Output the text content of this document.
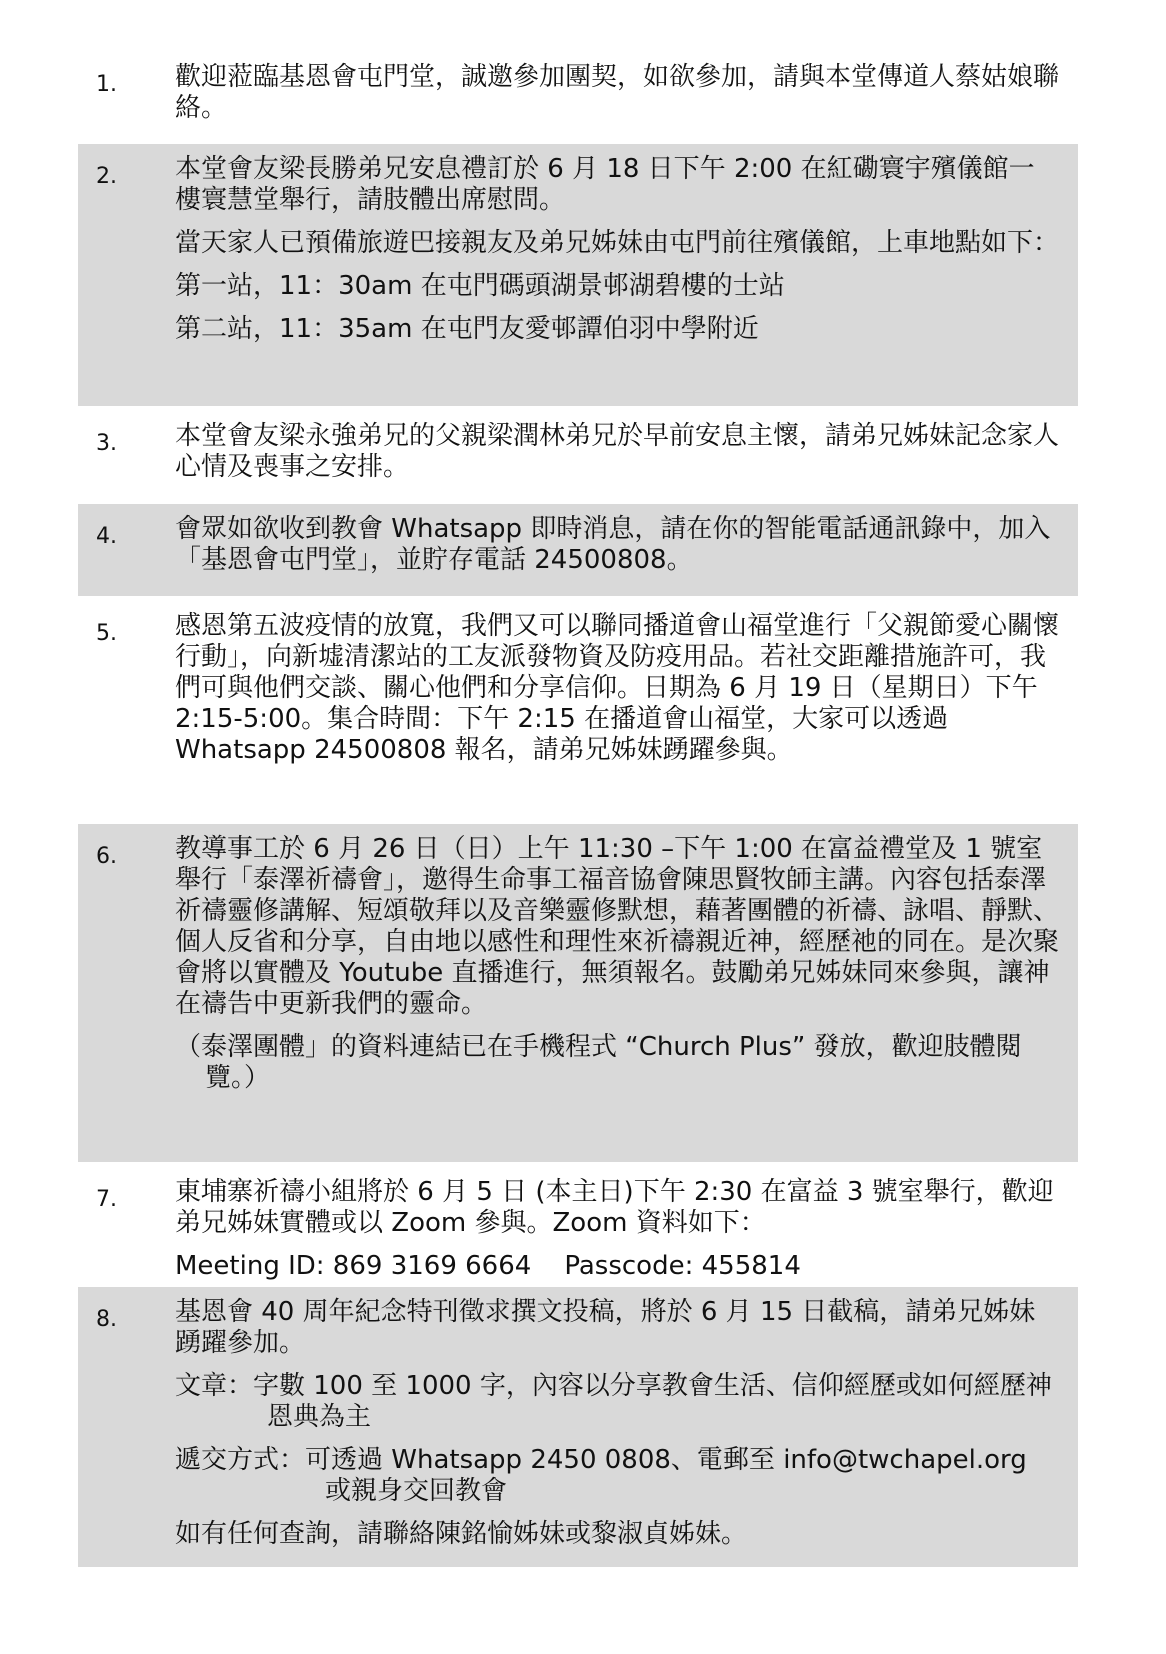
1. 歡迎蒞臨基恩會屯門堂，誠邀參加團契，如欲參加，請與本堂傳道人蔡姑娘聯絡。

2. 本堂會友梁長勝弟兄安息禮訂於 6 月 18 日下午 2:00 在紅磡寰宇殯儀館一樓寰慧堂舉行，請肢體出席慰問。

當天家人已預備旅遊巴接親友及弟兄姊妹由屯門前往殯儀館，上車地點如下：

第一站，11：30am 在屯門碼頭湖景邨湖碧樓的士站

第二站，11：35am 在屯門友愛邨譚伯羽中學附近

3. 本堂會友梁永強弟兄的父親梁潤林弟兄於早前安息主懷，請弟兄姊妹記念家人心情及喪事之安排。

4. 會眾如欲收到教會 Whatsapp 即時消息，請在你的智能電話通訊錄中，加入「基恩會屯門堂」，並貯存電話 24500808。

5. 感恩第五波疫情的放寬，我們又可以聯同播道會山福堂進行「父親節愛心關懷行動」，向新墟清潔站的工友派發物資及防疫用品。若社交距離措施許可，我們可與他們交談、關心他們和分享信仰。日期為 6 月 19 日（星期日）下午 2:15-5:00。集合時間：下午 2:15 在播道會山福堂，大家可以透過 Whatsapp 24500808 報名，請弟兄姊妹踴躍參與。

6. 教導事工於 6 月 26 日（日）上午 11:30 –下午 1:00 在富益禮堂及 1 號室舉行「泰澤祈禱會」，邀得生命事工福音協會陳思賢牧師主講。內容包括泰澤祈禱靈修講解、短頌敬拜以及音樂靈修默想，藉著團體的祈禱、詠唱、靜默、個人反省和分享，自由地以感性和理性來祈禱親近神，經歷祂的同在。是次聚會將以實體及 Youtube 直播進行，無須報名。鼓勵弟兄姊妹同來參與，讓神在禱告中更新我們的靈命。

（泰澤團體」的資料連結已在手機程式 “Church Plus” 發放，歡迎肢體閱覽。）

7. 東埔寨祈禱小組將於 6 月 5 日 (本主日)下午 2:30 在富益 3 號室舉行，歡迎弟兄姊妹實體或以 Zoom 參與。Zoom 資料如下：

Meeting ID: 869 3169 6664    Passcode: 455814

8. 基恩會 40 周年紀念特刊徵求撰文投稿，將於 6 月 15 日截稿，請弟兄姊妹踴躍參加。

文章：字數 100 至 1000 字，內容以分享教會生活、信仰經歷或如何經歷神恩典為主

遞交方式：可透過 Whatsapp 2450 0808、電郵至 info@twchapel.org 或親身交回教會

如有任何查詢，請聯絡陳銘愉姊妹或黎淑貞姊妹。
